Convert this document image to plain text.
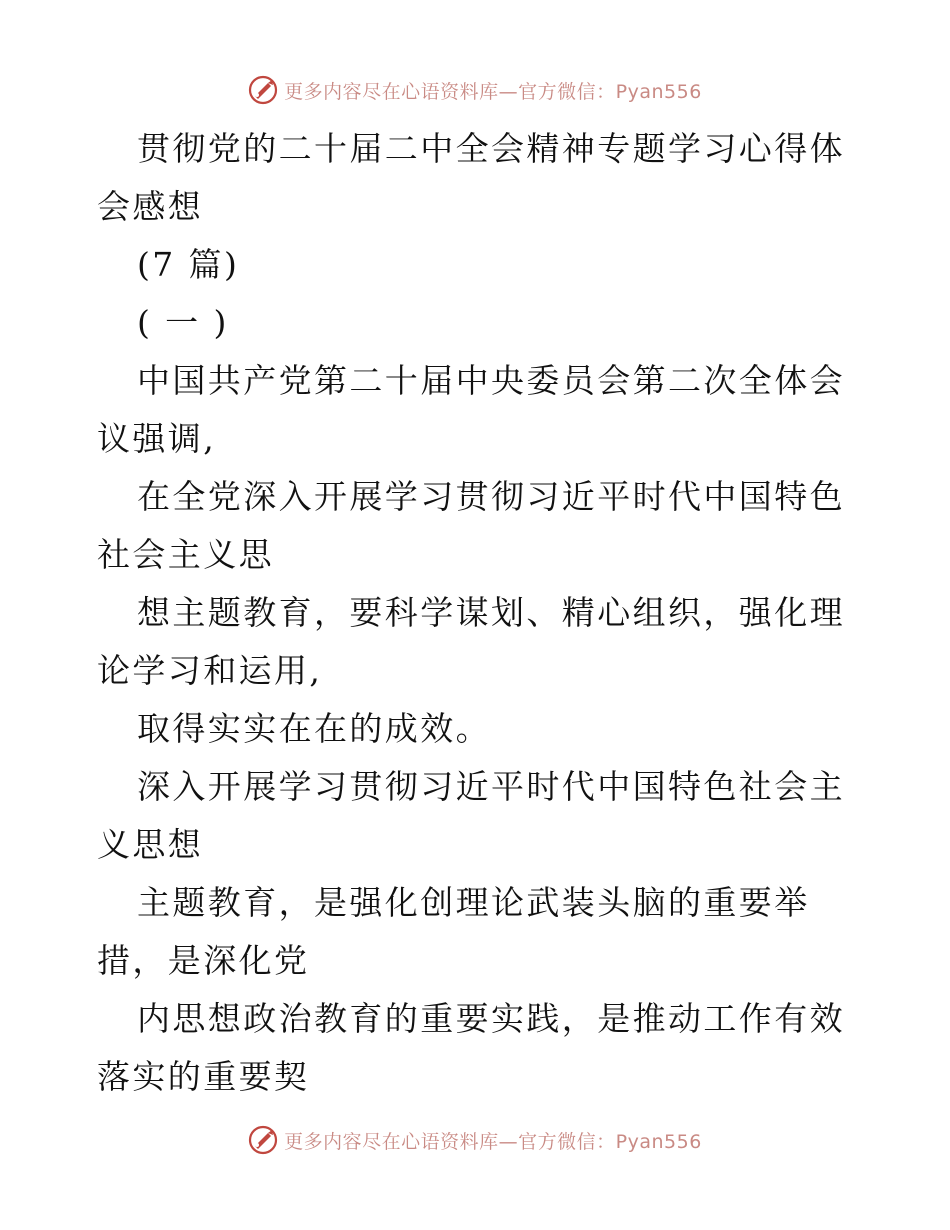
更多内容尽在心语资料库—官方微信：Pyan556

贯彻党的二十届二中全会精神专题学习心得体会感想

(7 篇)

( 一 )

中国共产党第二十届中央委员会第二次全体会议强调,

在全党深入开展学习贯彻习近平时代中国特色社会主义思

想主题教育，要科学谋划、精心组织，强化理论学习和运用,

取得实实在在的成效。

深入开展学习贯彻习近平时代中国特色社会主义思想

主题教育，是强化创理论武装头脑的重要举措，是深化党

内思想政治教育的重要实践，是推动工作有效落实的重要契

更多内容尽在心语资料库—官方微信：Pyan556
